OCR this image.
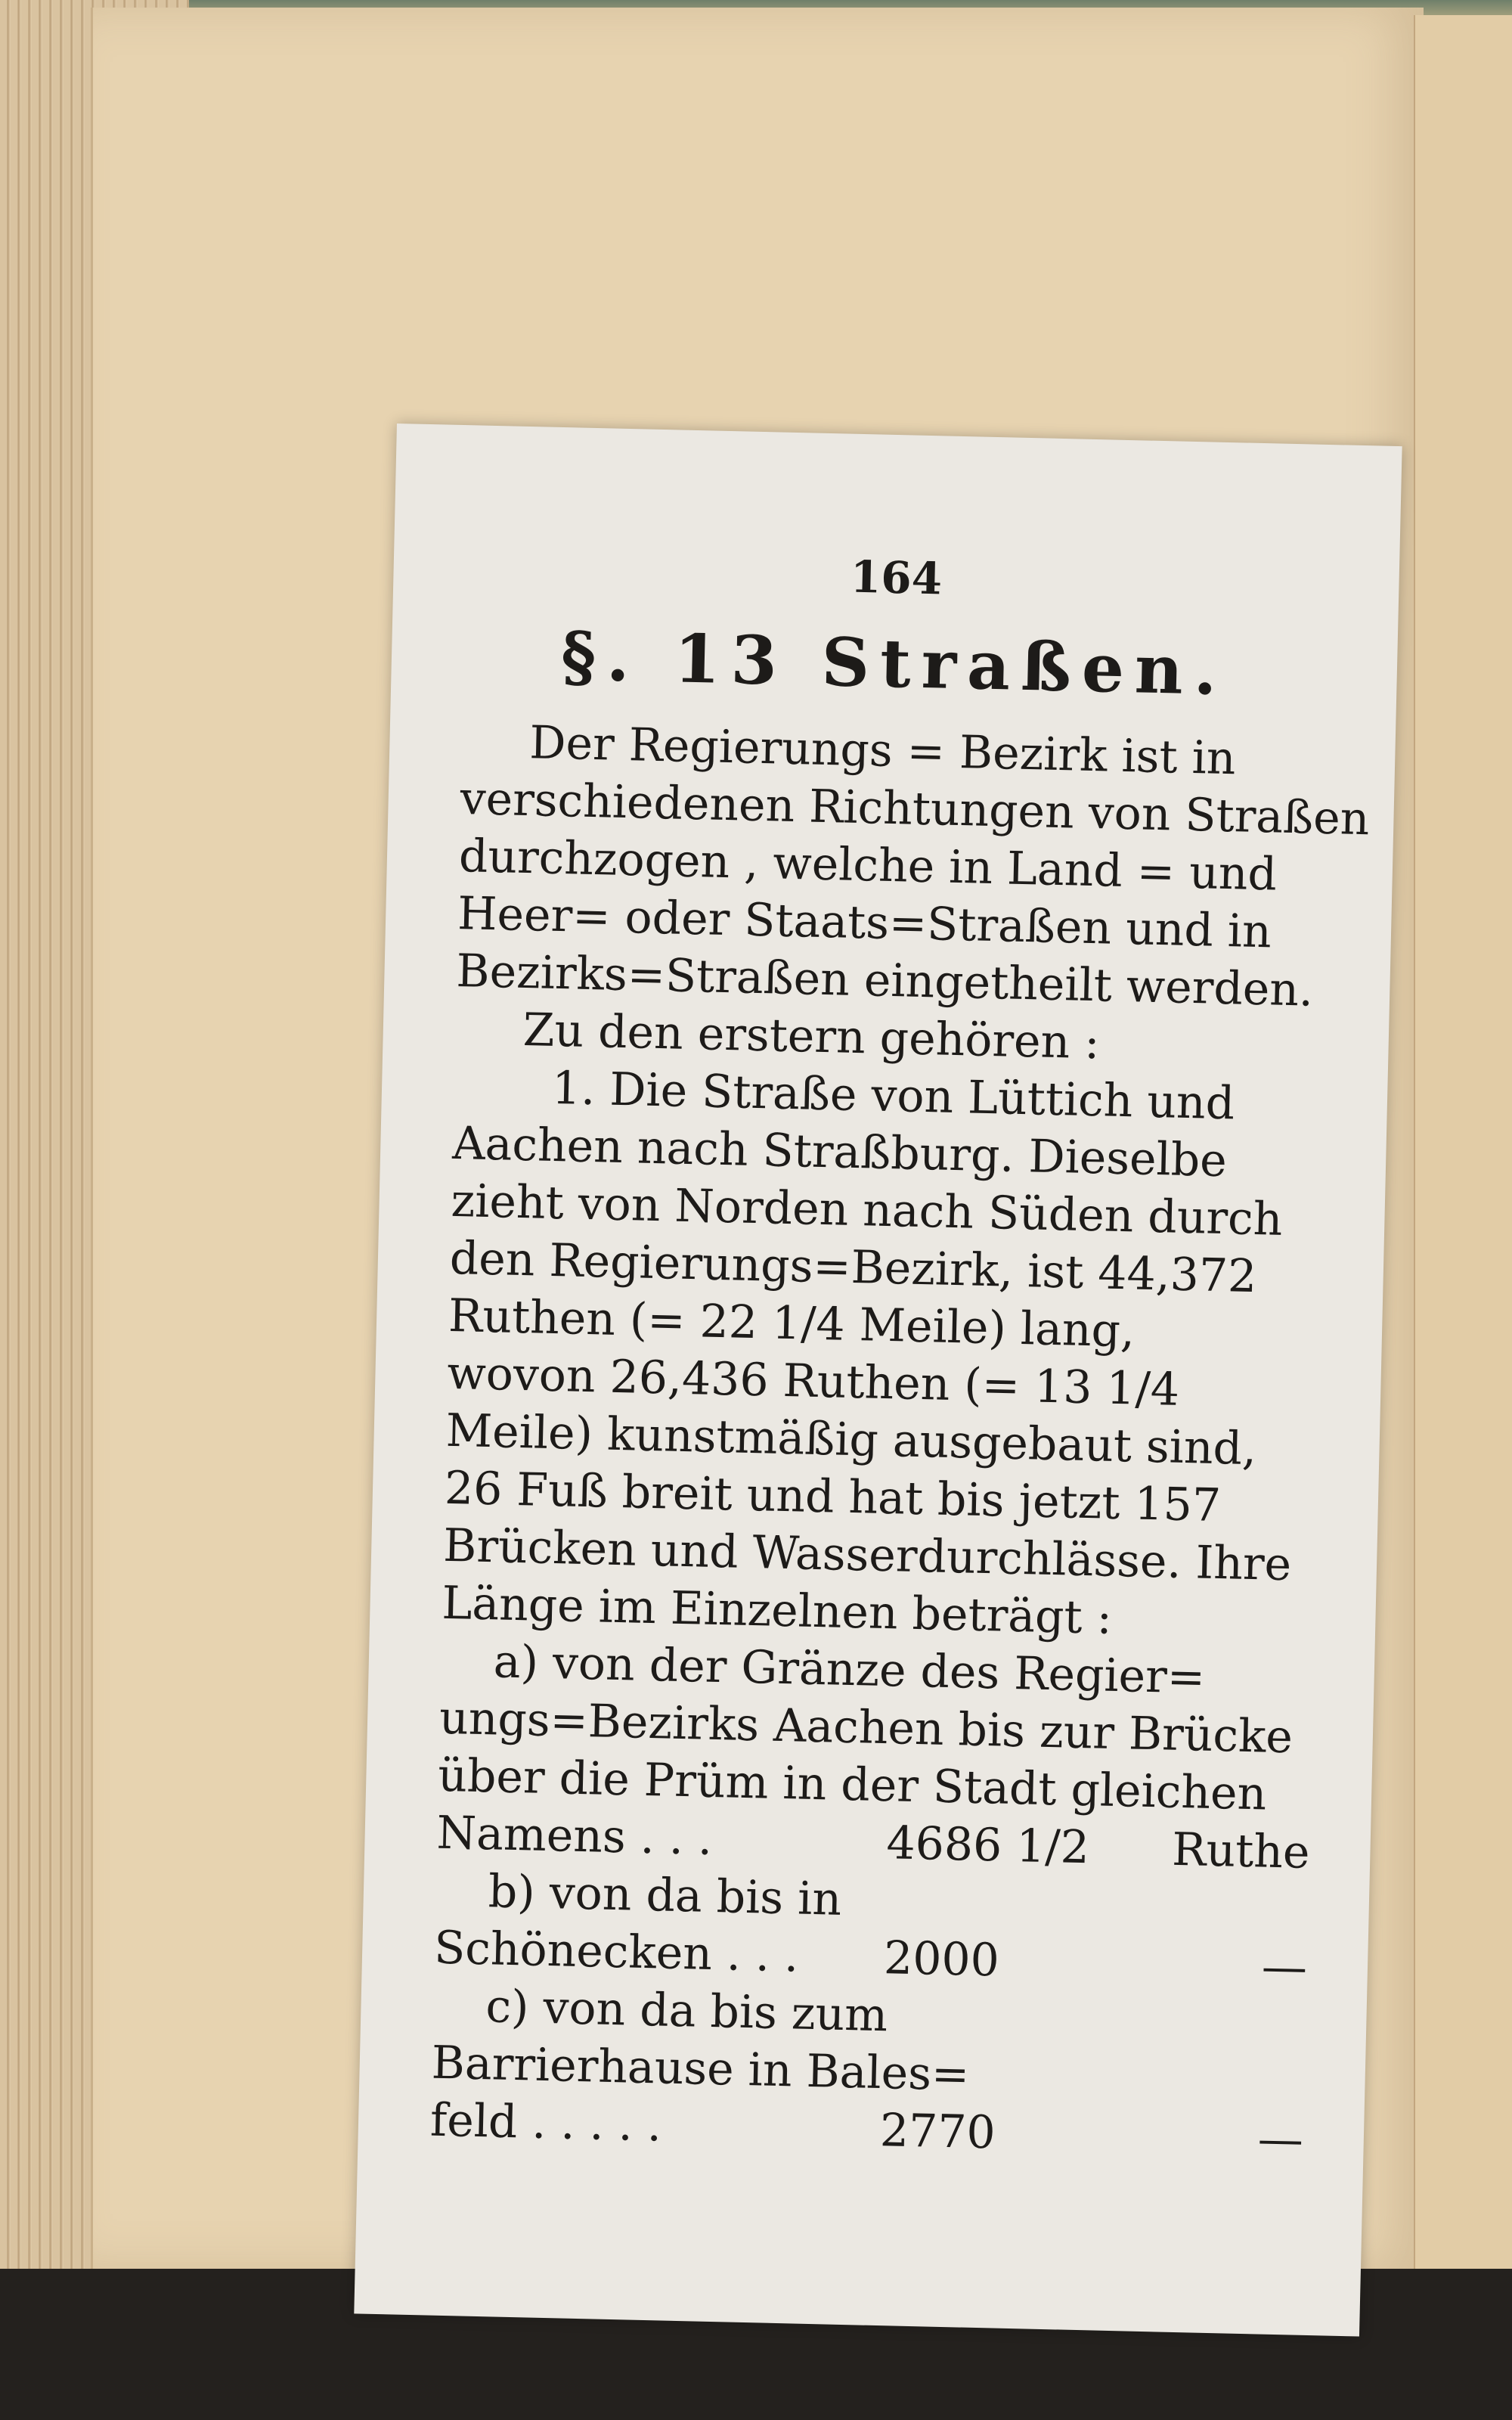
164
§. 13 Straßen.
Der Regierungs = Bezirk ist in
verschiedenen Richtungen von Straßen
durchzogen , welche in Land = und
Heer= oder Staats=Straßen und in
Bezirks=Straßen eingetheilt werden.
Zu den erstern gehören :
1. Die Straße von Lüttich und
Aachen nach Straßburg. Dieselbe
zieht von Norden nach Süden durch
den Regierungs=Bezirk, ist 44,372
Ruthen (= 22 1/4 Meile) lang,
wovon 26,436 Ruthen (= 13 1/4
Meile) kunstmäßig ausgebaut sind,
26 Fuß breit und hat bis jetzt 157
Brücken und Wasserdurchlässe. Ihre
Länge im Einzelnen beträgt :
a) von der Gränze des Regier=
ungs=Bezirks Aachen bis zur Brücke
über die Prüm in der Stadt gleichen
Namens . . .	4686 1/2 Ruthe
b) von da bis in
Schönecken . . . 2000	—
c) von da bis zum
Barrierhause in Bales=
feld . . . . .	2770	—
